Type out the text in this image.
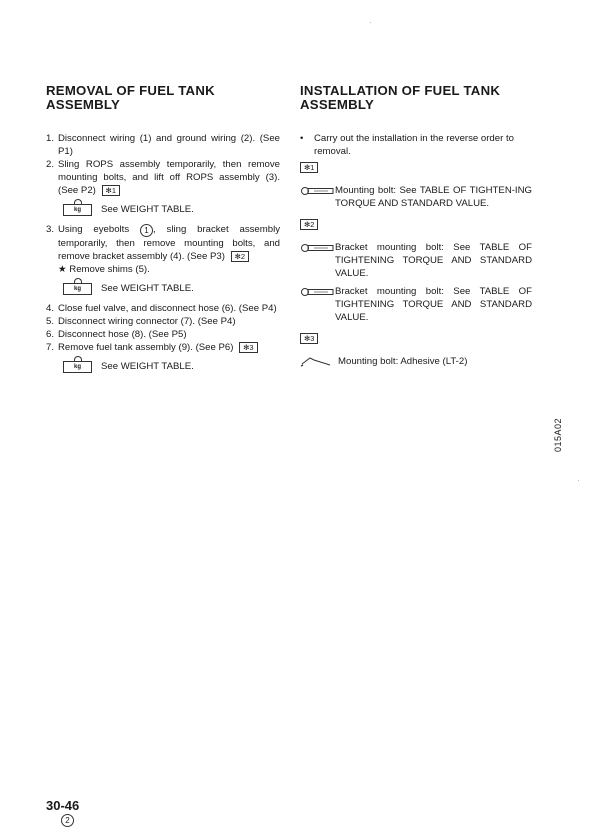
REMOVAL OF FUEL TANK ASSEMBLY
1. Disconnect wiring (1) and ground wiring (2). (See P1)
2. Sling ROPS assembly temporarily, then remove mounting bolts, and lift off ROPS assembly (3). (See P2) ✻1
kg	See WEIGHT TABLE.
3. Using eyebolts 1 , sling bracket assembly temporarily, then remove mounting bolts, and remove bracket assembly (4). (See P3) ✻2
★ Remove shims (5).
kg	See WEIGHT TABLE.
4. Close fuel valve, and disconnect hose (6). (See P4)
5. Disconnect wiring connector (7). (See P4)
6. Disconnect hose (8). (See P5)
7. Remove fuel tank assembly (9). (See P6) ✻3
kg	See WEIGHT TABLE.
INSTALLATION OF FUEL TANK ASSEMBLY
•	Carry out the installation in the reverse order to removal.
✻1
Mounting bolt: See TABLE OF TIGHTEN-ING TORQUE AND STANDARD VALUE.
✻2
Bracket mounting bolt: See TABLE OF TIGHTENING TORQUE AND STANDARD VALUE.
Bracket mounting bolt: See TABLE OF TIGHTENING TORQUE AND STANDARD VALUE.
✻3
Mounting bolt: Adhesive (LT-2)
015A02
30-46
2
